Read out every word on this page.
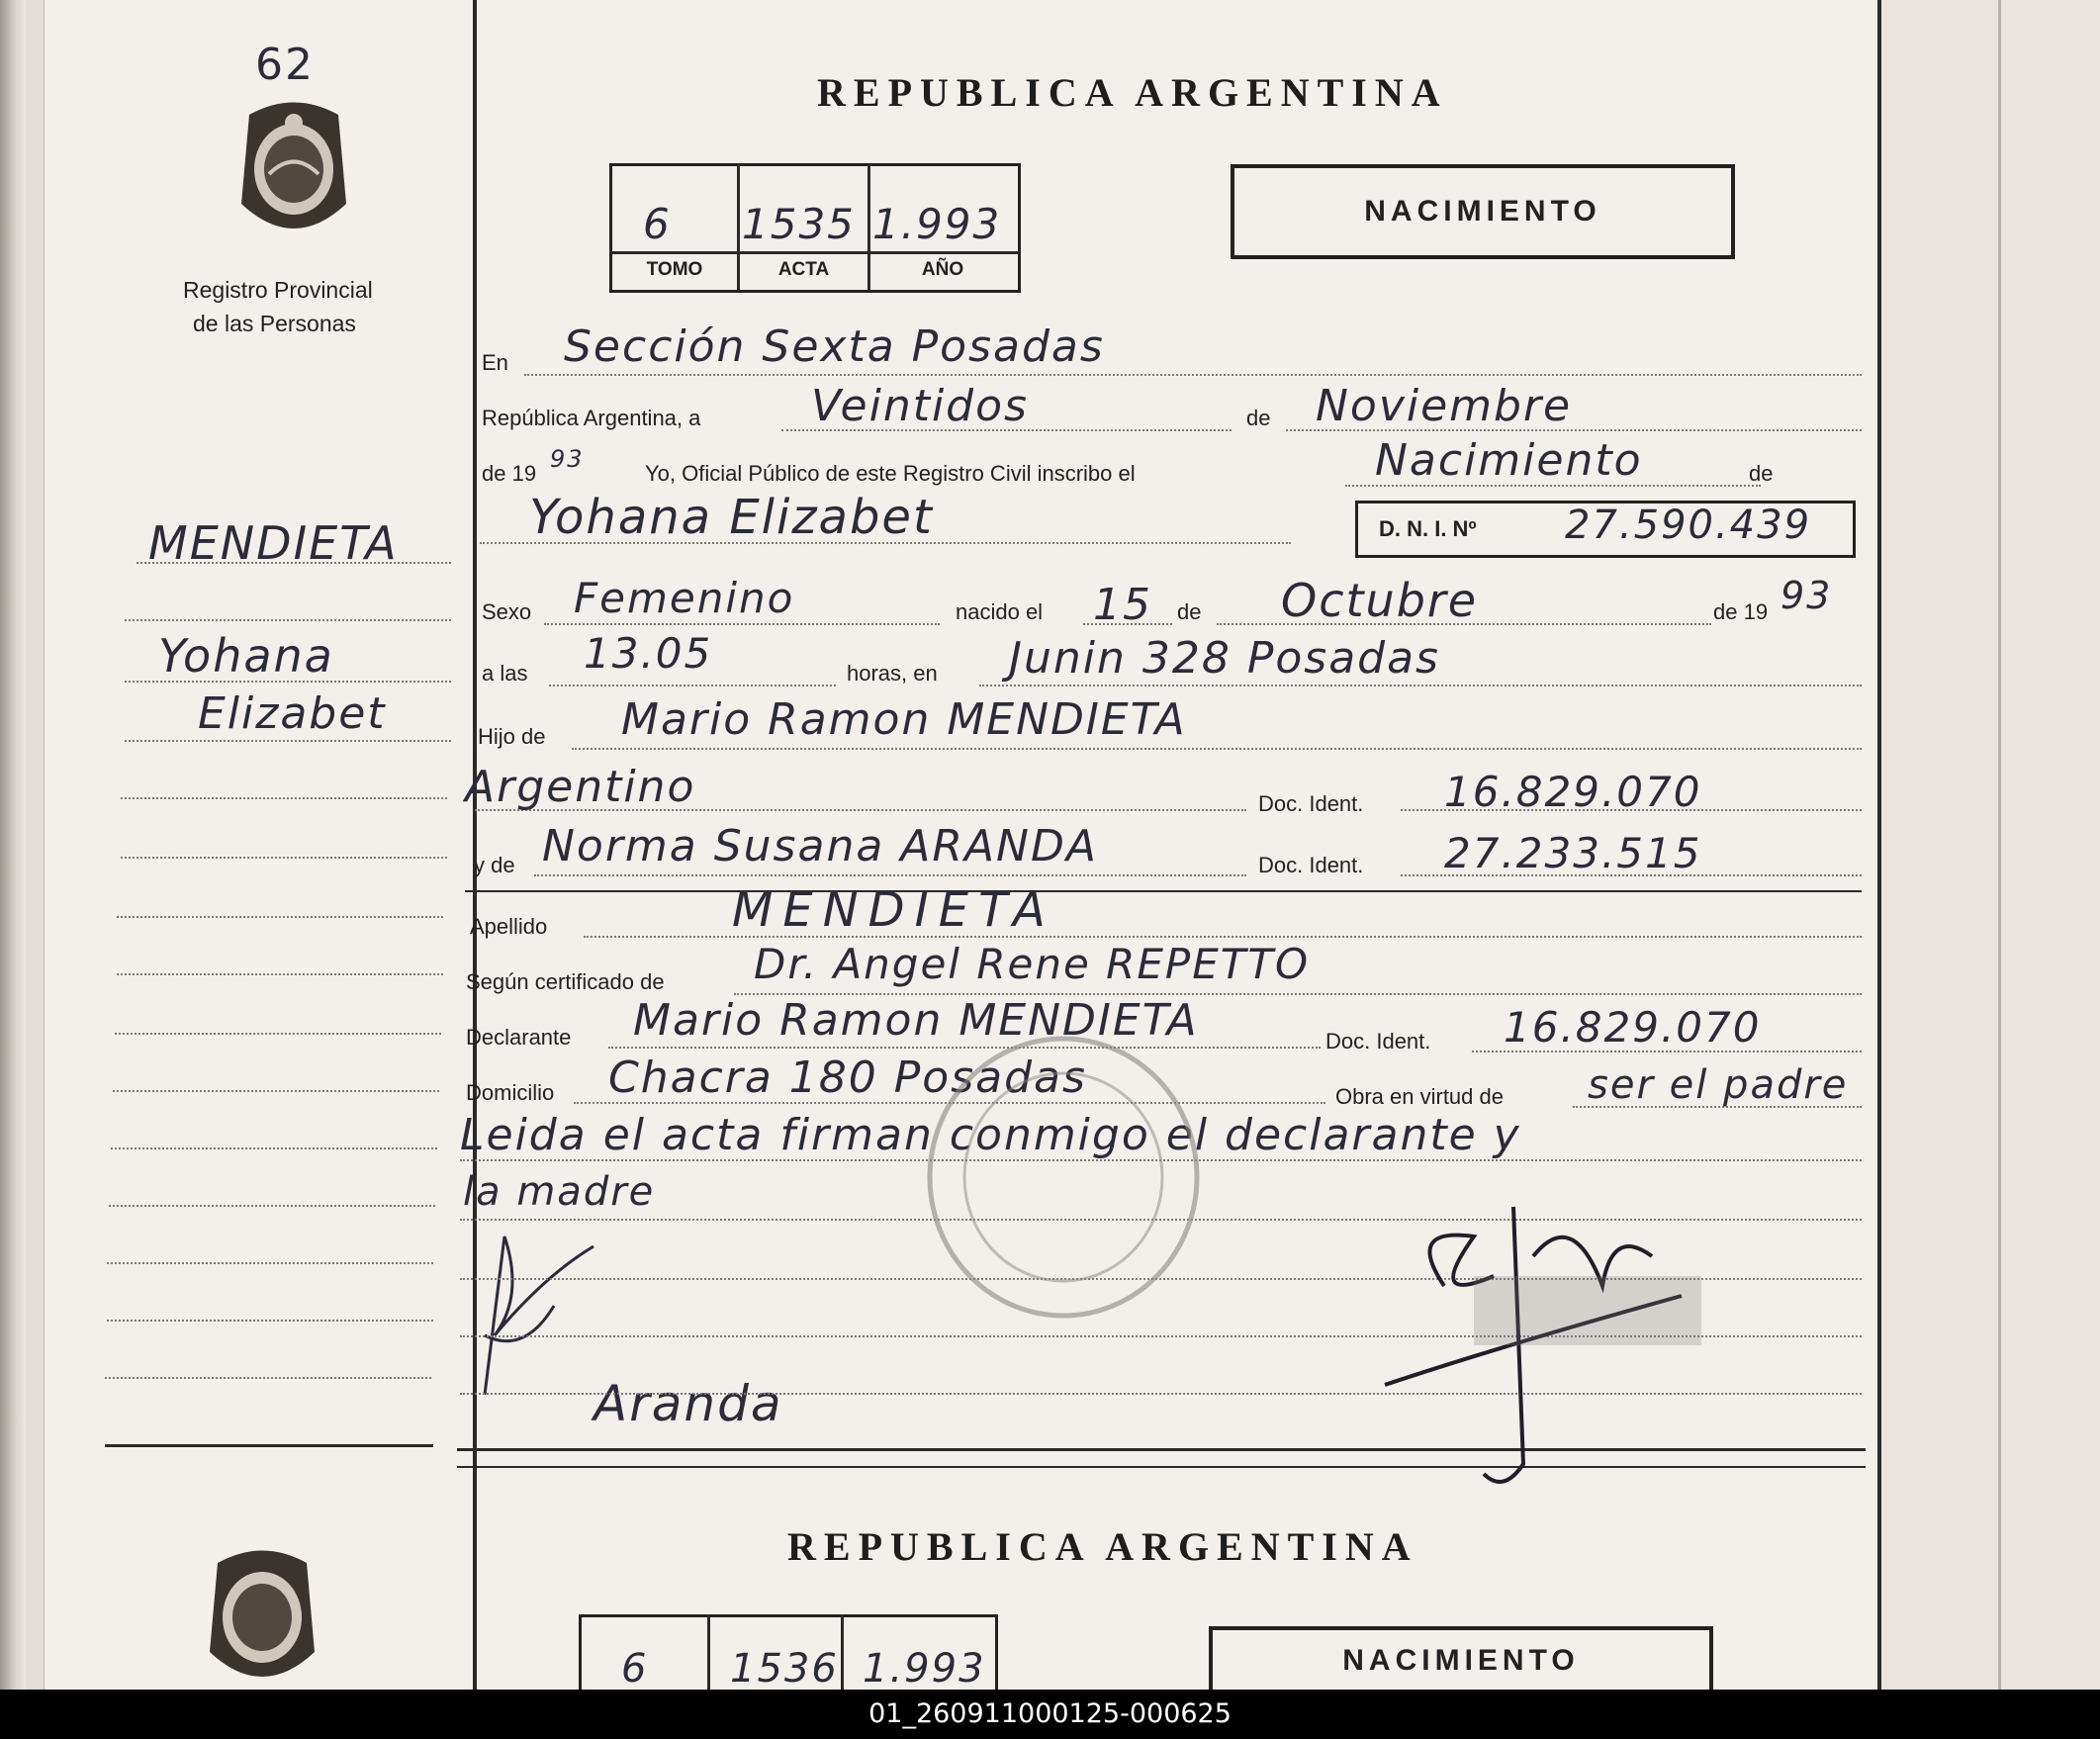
62
Registro Provincial
de las Personas
MENDIETA
Yohana
Elizabet
Aranda
REPUBLICA ARGENTINA
6 1535 1.993
TOMO	ACTA	AÑO
NACIMIENTO
En Sección Sexta Posadas
República Argentina, a	Veintidos	de Noviembre
de 19
93
Yo, Oficial Público de este Registro Civil inscribo el	Nacimiento	de
Yohana Elizabet	D. N. I. Nº 27.590.439
Sexo Femenino	nacido el 15 de Octubre	de 19 93
a las 13.05	horas, en Junin 328 Posadas
Hijo de Mario Ramon MENDIETA
Argentino	Doc. Ident. 16.829.070
y de Norma Susana ARANDA	Doc. Ident. 27.233.515
Apellido	MENDIETA
Según certificado de Dr. Angel Rene REPETTO
Declarante Mario Ramon MENDIETA	Doc. Ident. 16.829.070
Domicilio Chacra 180 Posadas	Obra en virtud de ser el padre
Leida el acta firman conmigo el declarante y
la madre
REPUBLICA ARGENTINA
6 1536 1.993	NACIMIENTO
01_260911000125-000625
